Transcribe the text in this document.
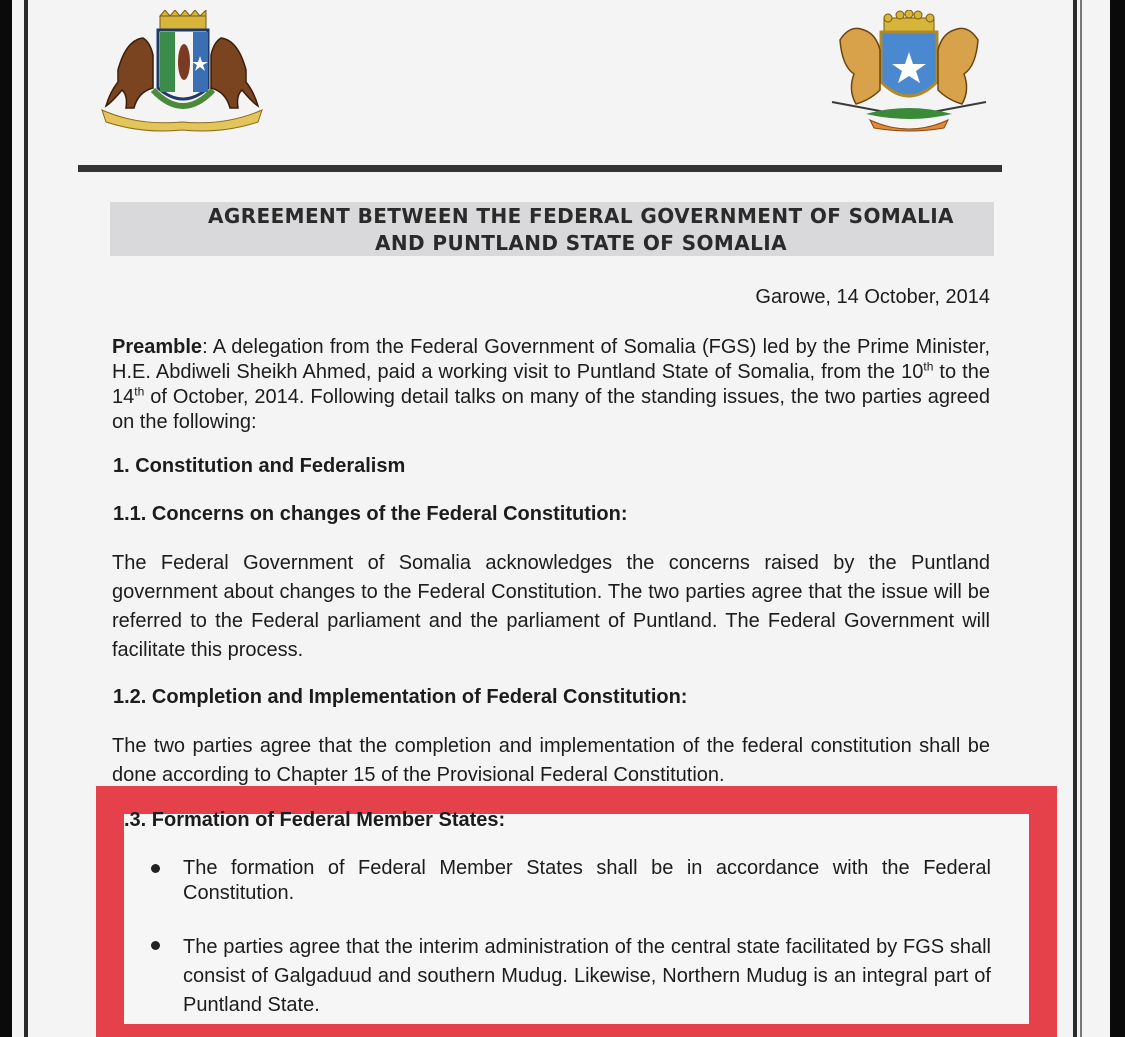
AGREEMENT BETWEEN THE FEDERAL GOVERNMENT OF SOMALIA
AND PUNTLAND STATE OF SOMALIA
Garowe, 14 October, 2014
Preamble: A delegation from the Federal Government of Somalia (FGS) led by the Prime Minister, H.E. Abdiweli Sheikh Ahmed, paid a working visit to Puntland State of Somalia, from the 10th to the 14th of October, 2014. Following detail talks on many of the standing issues, the two parties agreed on the following:
1. Constitution and Federalism
1.1. Concerns on changes of the Federal Constitution:
The Federal Government of Somalia acknowledges the concerns raised by the Puntland government about changes to the Federal Constitution. The two parties agree that the issue will be referred to the Federal parliament and the parliament of Puntland. The Federal Government will facilitate this process.
1.2. Completion and Implementation of Federal Constitution:
The two parties agree that the completion and implementation of the federal constitution shall be done according to Chapter 15 of the Provisional Federal Constitution.
.3. Formation of Federal Member States:
The formation of Federal Member States shall be in accordance with the Federal Constitution.
The parties agree that the interim administration of the central state facilitated by FGS shall consist of Galgaduud and southern Mudug. Likewise, Northern Mudug is an integral part of Puntland State.
